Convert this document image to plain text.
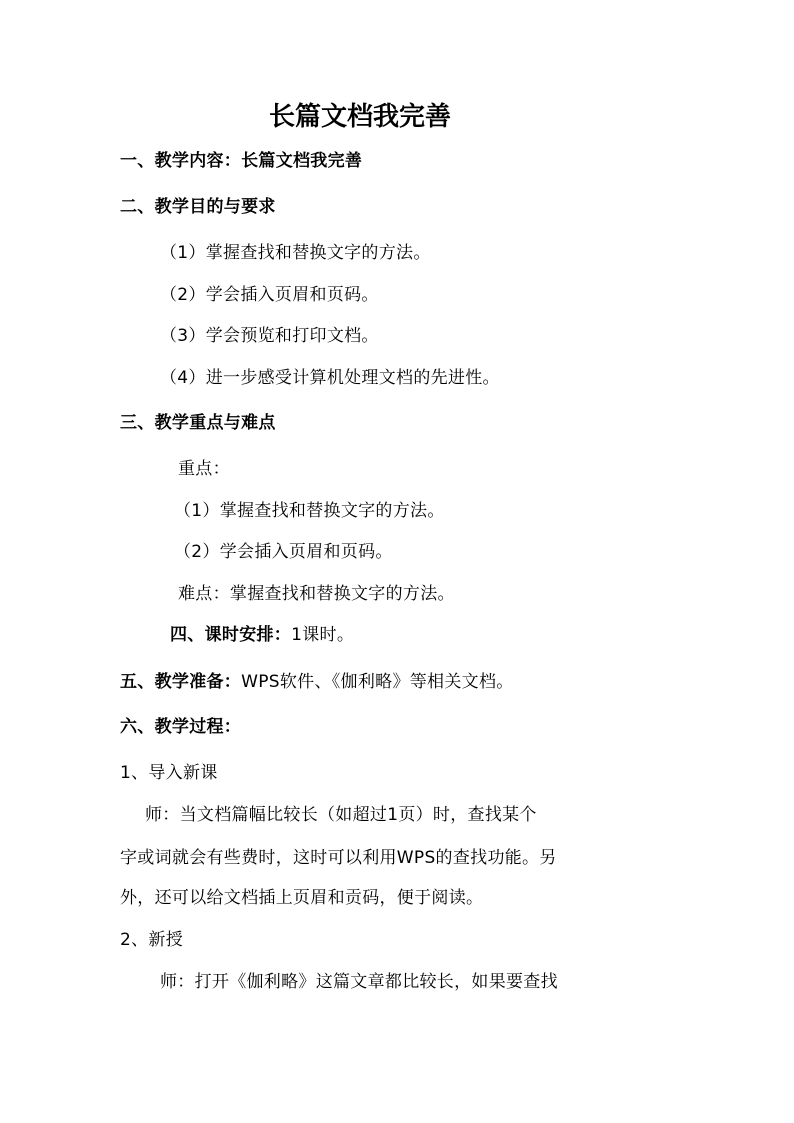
长篇文档我完善
一、教学内容：长篇文档我完善
二、教学目的与要求
（1）掌握查找和替换文字的方法。
（2）学会插入页眉和页码。
（3）学会预览和打印文档。
（4）进一步感受计算机处理文档的先进性。
三、教学重点与难点
重点：
（1）掌握查找和替换文字的方法。
（2）学会插入页眉和页码。
难点：掌握查找和替换文字的方法。
四、课时安排：1课时。
五、教学准备：WPS软件、《伽利略》等相关文档。
六、教学过程：
1、导入新课
师：当文档篇幅比较长（如超过1页）时，查找某个
字或词就会有些费时，这时可以利用WPS的查找功能。另
外，还可以给文档插上页眉和贡码，便于阅读。
2、新授
师：打开《伽利略》这篇文章都比较长，如果要查找
